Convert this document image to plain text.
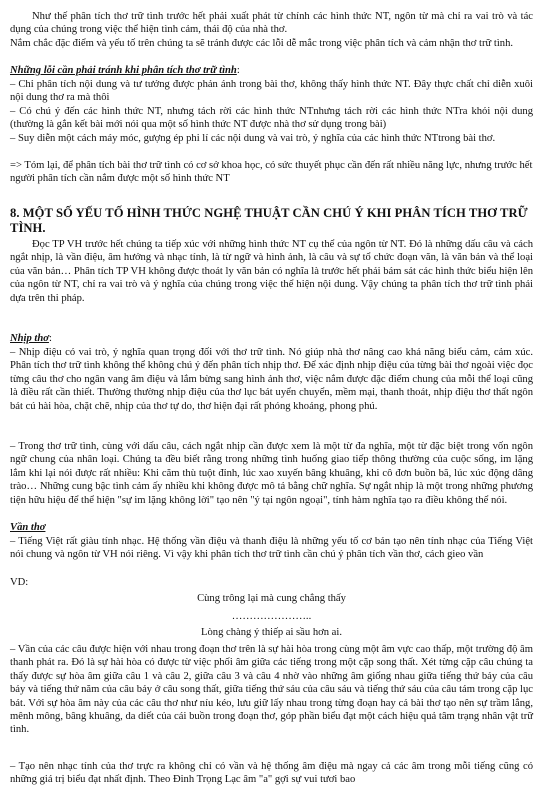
Như thế phân tích thơ trữ tình trước hết phải xuất phát từ chính các hình thức NT, ngôn từ mà chỉ ra vai trò và tác dụng của chúng trong việc thể hiện tình cảm, thái độ của nhà thơ.

Nắm chắc đặc điểm và yếu tố trên chúng ta sẽ tránh được các lỗi dễ mắc trong việc phân tích và cảm nhận thơ trữ tình.

Những lỗi cần phải tránh khi phân tích thơ trữ tình:

– Chỉ phân tích nội dung và tư tưởng được phản ánh trong bài thơ, không thấy hình thức NT. Đây thực chất chỉ diễn xuôi nội dung thơ ra mà thôi

– Có chú ý đến các hình thức NT, nhưng tách rời các hình thức NTnhưng tách rời các hình thức NTra khỏi nội dung (thường là gắn kết bài mới nói qua một số hình thức NT được nhà thơ sử dụng trong bài)

– Suy diễn một cách máy móc, gượng ép phi lí các nội dung và vai trò, ý nghĩa của các hình thức NTtrong bài thơ.

=> Tóm lại, để phân tích bài thơ trữ tình có cơ sở khoa học, có sức thuyết phục cần đến rất nhiều năng lực, nhưng trước hết người phân tích cần nắm được một số hình thức NT

8. MỘT SỐ YẾU TỐ HÌNH THỨC NGHỆ THUẬT CẦN CHÚ Ý KHI PHÂN TÍCH THƠ TRỮ TÌNH.

Đọc TP VH trước hết chúng ta tiếp xúc với những hình thức NT cụ thể của ngôn từ NT. Đó là những dấu câu và cách ngắt nhịp, là vần điệu, âm hưởng và nhạc tính, là từ ngữ và hình ảnh, là câu và sự tổ chức đoạn văn, là văn bản và thể loại của văn bản… Phân tích TP VH không được thoát ly văn bản có nghĩa là trước hết phải bám sát các hình thức biểu hiện lên của ngôn từ NT, chỉ ra vai trò và ý nghĩa của chúng trong việc thể hiện nội dung. Vậy chúng ta phân tích thơ trữ tình phải dựa trên thi pháp.

Nhịp thơ:

– Nhịp điệu có vai trò, ý nghĩa quan trọng đối với thơ trữ tình. Nó giúp nhà thơ nâng cao khả năng biểu cảm, cảm xúc. Phân tích thơ trữ tình không thể không chú ý đến phân tích nhịp thơ. Để xác định nhịp điệu của từng bài thơ ngoài việc đọc từng câu thơ cho ngân vang âm điệu và lắm bừng sang hình ảnh thơ, việc nắm được đặc điểm chung của mỗi thể loại cũng là điều rất cần thiết. Thường thường nhịp điệu của thơ lục bát uyển chuyển, mềm mại, thanh thoát, nhịp điệu thơ thất ngôn bát cú hài hòa, chặt chẽ, nhịp của thơ tự do, thơ hiện đại rất phóng khoáng, phong phú.

– Trong thơ trữ tình, cùng với dấu câu, cách ngắt nhịp cần được xem là một từ đa nghĩa, một từ đặc biệt trong vốn ngôn ngữ chung của nhân loại. Chúng ta đều biết rằng trong những tình huống giao tiếp thông thường của cuộc sống, im lặng lắm khi lại nói được rất nhiều: Khi căm thù tuột đỉnh, lúc xao xuyến bâng khuâng, khi cô đơn buồn bã, lúc xúc động dâng trào… Những cung bậc tình cảm ấy nhiều khi không được mô tả bằng chữ nghĩa. Sự ngắt nhịp là một trong những phương tiện hữu hiệu để thể hiện "sự im lặng không lời" tạo nên "ý tại ngôn ngoại", tính hàm nghĩa tạo ra điều không thể nói.

Vần thơ

– Tiếng Việt rất giàu tính nhạc. Hệ thống vần điệu và thanh điệu là những yếu tố cơ bản tạo nên tính nhạc của Tiếng Việt nói chung và ngôn từ VH nói riêng. Vì vậy khi phân tích thơ trữ tình cần chú ý phân tích vần thơ, cách gieo vần

VD:

Cùng trông lại mà cung chẳng thấy

…………………..

Lòng chàng ý thiếp ai sầu hơn ai.

– Vần của các câu được hiện với nhau trong đoạn thơ trên là sự hài hòa trong cùng một âm vực cao thấp, một trường độ âm thanh phát ra. Đó là sự hài hòa có được từ việc phối âm giữa các tiếng trong một cặp song thất. Xét từng cặp câu chúng ta thấy được sự hòa âm giữa câu 1 và câu 2, giữa câu 3 và câu 4 nhờ vào những âm giống nhau giữa tiếng thứ bảy của câu bảy và tiếng thứ năm của câu bảy ở câu song thất, giữa tiếng thứ sáu của câu sáu và tiếng thứ sáu của câu tám trong cặp lục bát. Với sự hòa âm này của các câu thơ như níu kéo, lưu giữ lấy nhau trong từng đoạn hay cả bài thơ tạo nên sự trầm lắng, mênh mông, bâng khuâng, da diết của cái buồn trong đoạn thơ, góp phần biểu đạt một cách hiệu quả tâm trạng nhân vật trữ tình.

– Tạo nên nhạc tính của thơ trực ra không chỉ có vần và hệ thống âm điệu mà ngay cả các âm trong mỗi tiếng cũng có những giá trị biểu đạt nhất định. Theo Đinh Trọng Lạc âm "a" gợi sự vui tươi bao
